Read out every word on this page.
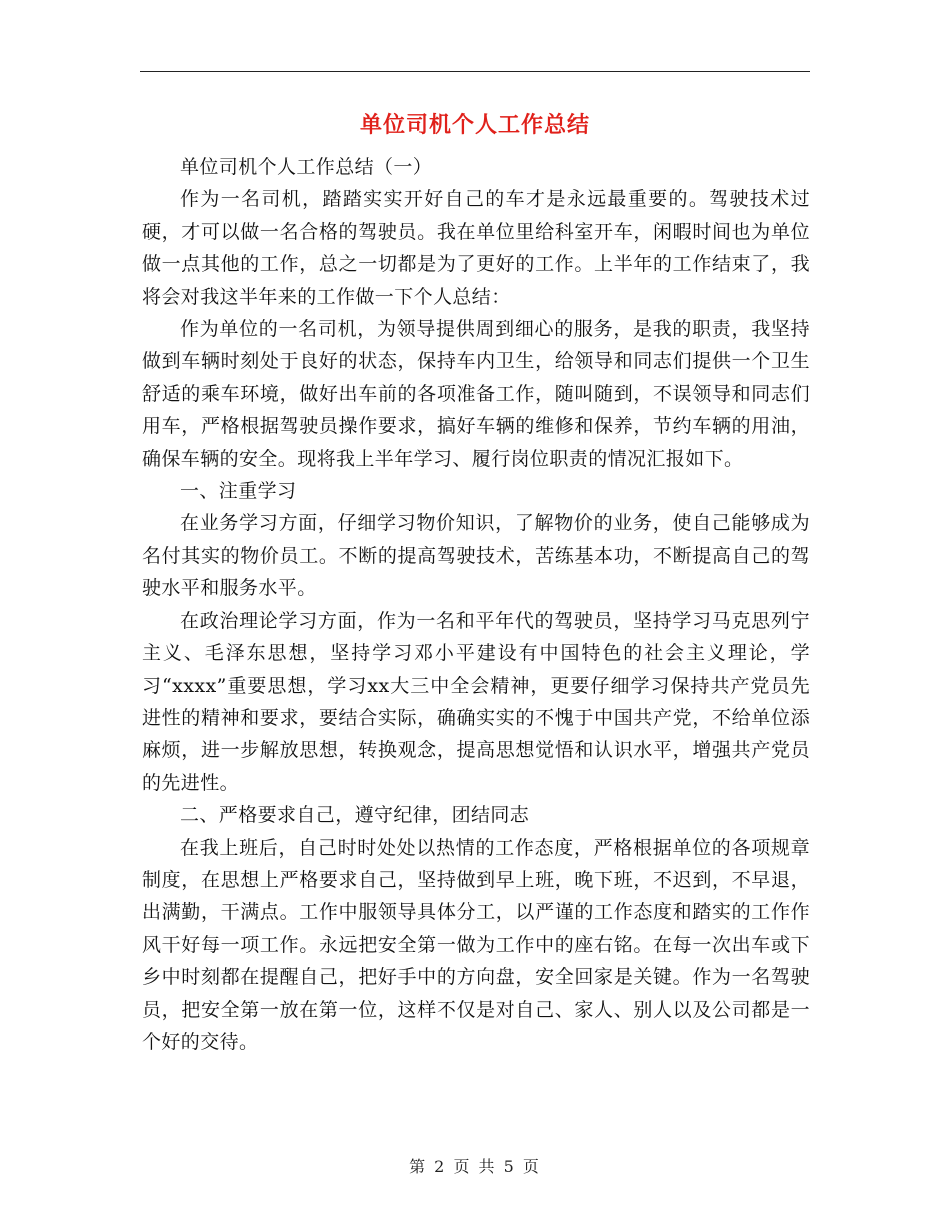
单位司机个人工作总结

单位司机个人工作总结（一）

作为一名司机，踏踏实实开好自己的车才是永远最重要的。驾驶技术过硬，才可以做一名合格的驾驶员。我在单位里给科室开车，闲暇时间也为单位做一点其他的工作，总之一切都是为了更好的工作。上半年的工作结束了，我将会对我这半年来的工作做一下个人总结：

作为单位的一名司机，为领导提供周到细心的服务，是我的职责，我坚持做到车辆时刻处于良好的状态，保持车内卫生，给领导和同志们提供一个卫生舒适的乘车环境，做好出车前的各项准备工作，随叫随到，不误领导和同志们用车，严格根据驾驶员操作要求，搞好车辆的维修和保养，节约车辆的用油，确保车辆的安全。现将我上半年学习、履行岗位职责的情况汇报如下。

一、注重学习

在业务学习方面，仔细学习物价知识，了解物价的业务，使自己能够成为名付其实的物价员工。不断的提高驾驶技术，苦练基本功，不断提高自己的驾驶水平和服务水平。

在政治理论学习方面，作为一名和平年代的驾驶员，坚持学习马克思列宁主义、毛泽东思想，坚持学习邓小平建设有中国特色的社会主义理论，学习“xxxx”重要思想，学习xx大三中全会精神，更要仔细学习保持共产党员先进性的精神和要求，要结合实际，确确实实的不愧于中国共产党，不给单位添麻烦，进一步解放思想，转换观念，提高思想觉悟和认识水平，增强共产党员的先进性。

二、严格要求自己，遵守纪律，团结同志

在我上班后，自己时时处处以热情的工作态度，严格根据单位的各项规章制度，在思想上严格要求自己，坚持做到早上班，晚下班，不迟到，不早退，出满勤，干满点。工作中服领导具体分工，以严谨的工作态度和踏实的工作作风干好每一项工作。永远把安全第一做为工作中的座右铭。在每一次出车或下乡中时刻都在提醒自己，把好手中的方向盘，安全回家是关键。作为一名驾驶员，把安全第一放在第一位，这样不仅是对自己、家人、别人以及公司都是一个好的交待。

第 2 页 共 5 页
